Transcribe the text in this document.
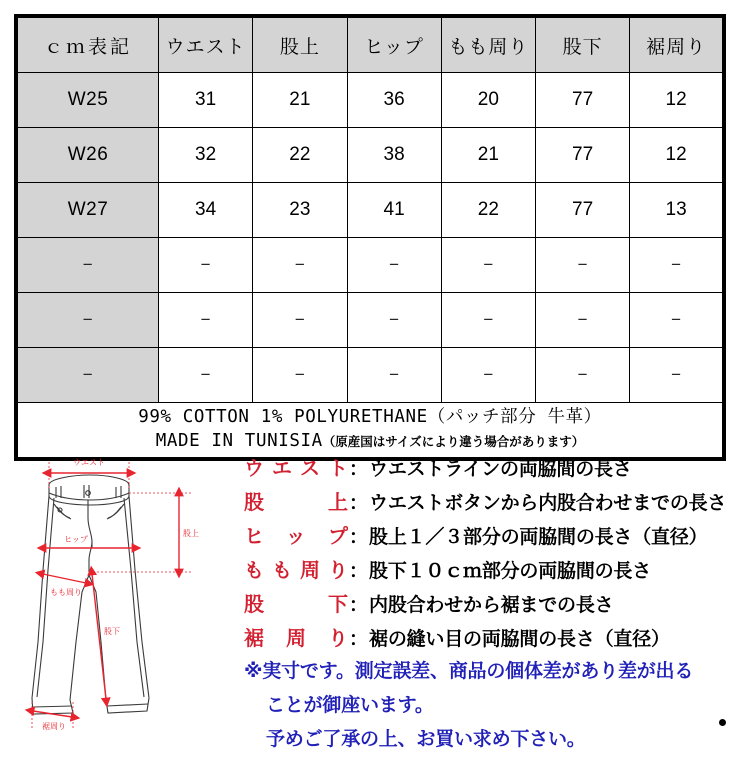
ｃｍ表記	ウエスト	股上	ヒップ	もも周り	股下	裾周り
W25	31	21	36	20	77	12
W26	32	22	38	21	77	12
W27	34	23	41	22	77	13
−	−	−	−	−	−	−
−	−	−	−	−	−	−
−	−	−	−	−	−	−

99% COTTON 1% POLYURETHANE（パッチ部分 牛革）
MADE IN TUNISIA（原産国はサイズにより違う場合があります）						
ウエスト
ヒップ
股上
もも周り
股下
裾周り
ウエスト ： ウエストラインの両脇間の長さ
股上 ： ウエストボタンから内股合わせまでの長さ
ヒップ ： 股上１／３部分の両脇間の長さ（直径）
もも周り ： 股下１０ｃｍ部分の両脇間の長さ
股下 ： 内股合わせから裾までの長さ
裾周り ： 裾の縫い目の両脇間の長さ（直径）
※実寸です。測定誤差、商品の個体差があり差が出る
ことが御座います。
予めご了承の上、お買い求め下さい。
